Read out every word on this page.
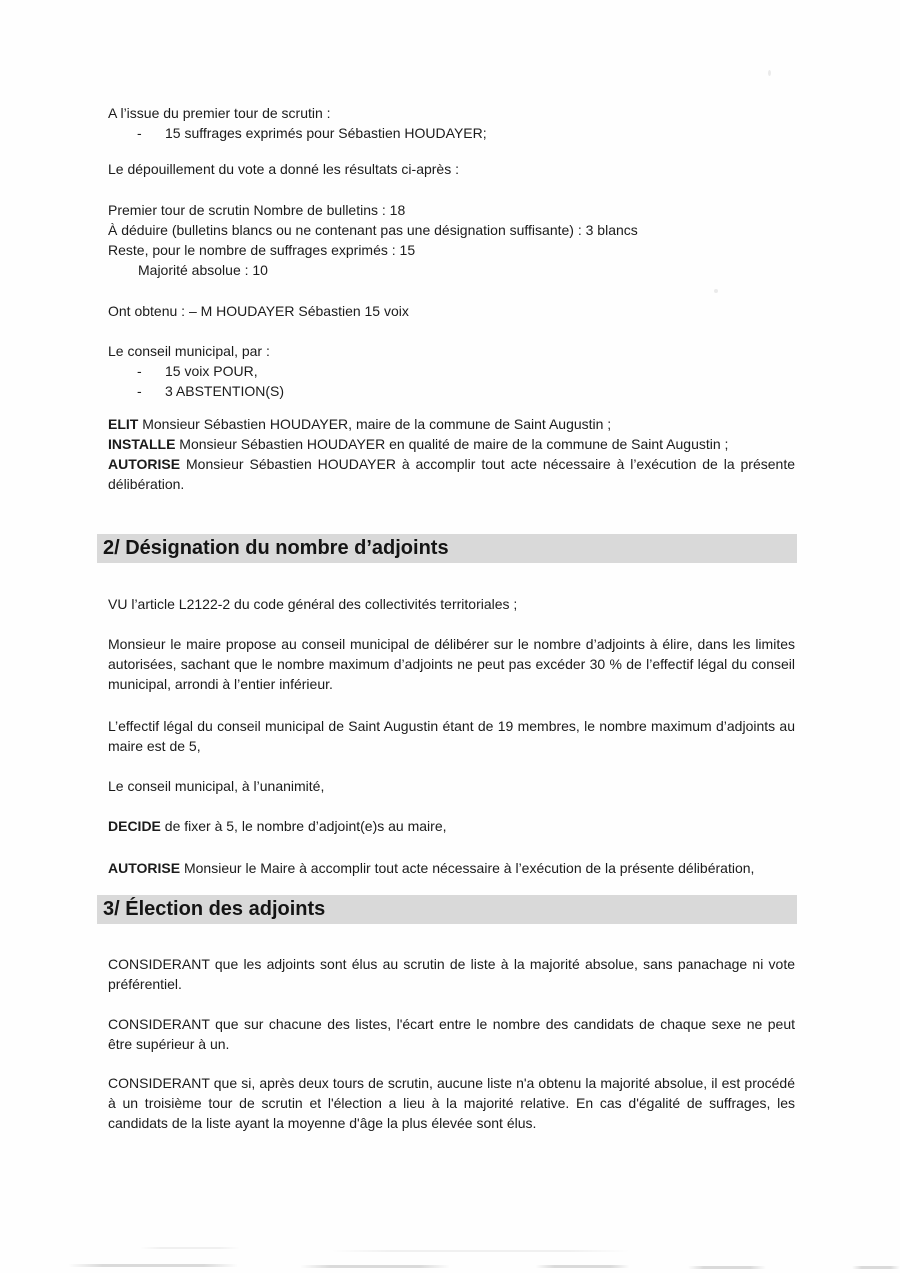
A l’issue du premier tour de scrutin :
-	15 suffrages exprimés pour Sébastien HOUDAYER;
Le dépouillement du vote a donné les résultats ci-après :
Premier tour de scrutin Nombre de bulletins : 18
À déduire (bulletins blancs ou ne contenant pas une désignation suffisante) : 3 blancs
Reste, pour le nombre de suffrages exprimés : 15
Majorité absolue : 10
Ont obtenu : – M HOUDAYER Sébastien 15 voix
Le conseil municipal, par :
-	15 voix POUR,
-	3 ABSTENTION(S)
ELIT Monsieur Sébastien HOUDAYER, maire de la commune de Saint Augustin ;
INSTALLE Monsieur Sébastien HOUDAYER en qualité de maire de la commune de Saint Augustin ;
AUTORISE Monsieur Sébastien HOUDAYER à accomplir tout acte nécessaire à l’exécution de la présente délibération.
2/ Désignation du nombre d’adjoints
VU l’article L2122-2 du code général des collectivités territoriales ;
Monsieur le maire propose au conseil municipal de délibérer sur le nombre d’adjoints à élire, dans les limites autorisées, sachant que le nombre maximum d’adjoints ne peut pas excéder 30 % de l’effectif légal du conseil municipal, arrondi à l’entier inférieur.
L’effectif légal du conseil municipal de Saint Augustin étant de 19 membres, le nombre maximum d’adjoints au maire est de 5,
Le conseil municipal, à l’unanimité,
DECIDE de fixer à 5, le nombre d’adjoint(e)s au maire,
AUTORISE Monsieur le Maire à accomplir tout acte nécessaire à l’exécution de la présente délibération,
3/ Élection des adjoints
CONSIDERANT que les adjoints sont élus au scrutin de liste à la majorité absolue, sans panachage ni vote préférentiel.
CONSIDERANT que sur chacune des listes, l'écart entre le nombre des candidats de chaque sexe ne peut être supérieur à un.
CONSIDERANT que si, après deux tours de scrutin, aucune liste n'a obtenu la majorité absolue, il est procédé à un troisième tour de scrutin et l'élection a lieu à la majorité relative. En cas d'égalité de suffrages, les candidats de la liste ayant la moyenne d'âge la plus élevée sont élus.
